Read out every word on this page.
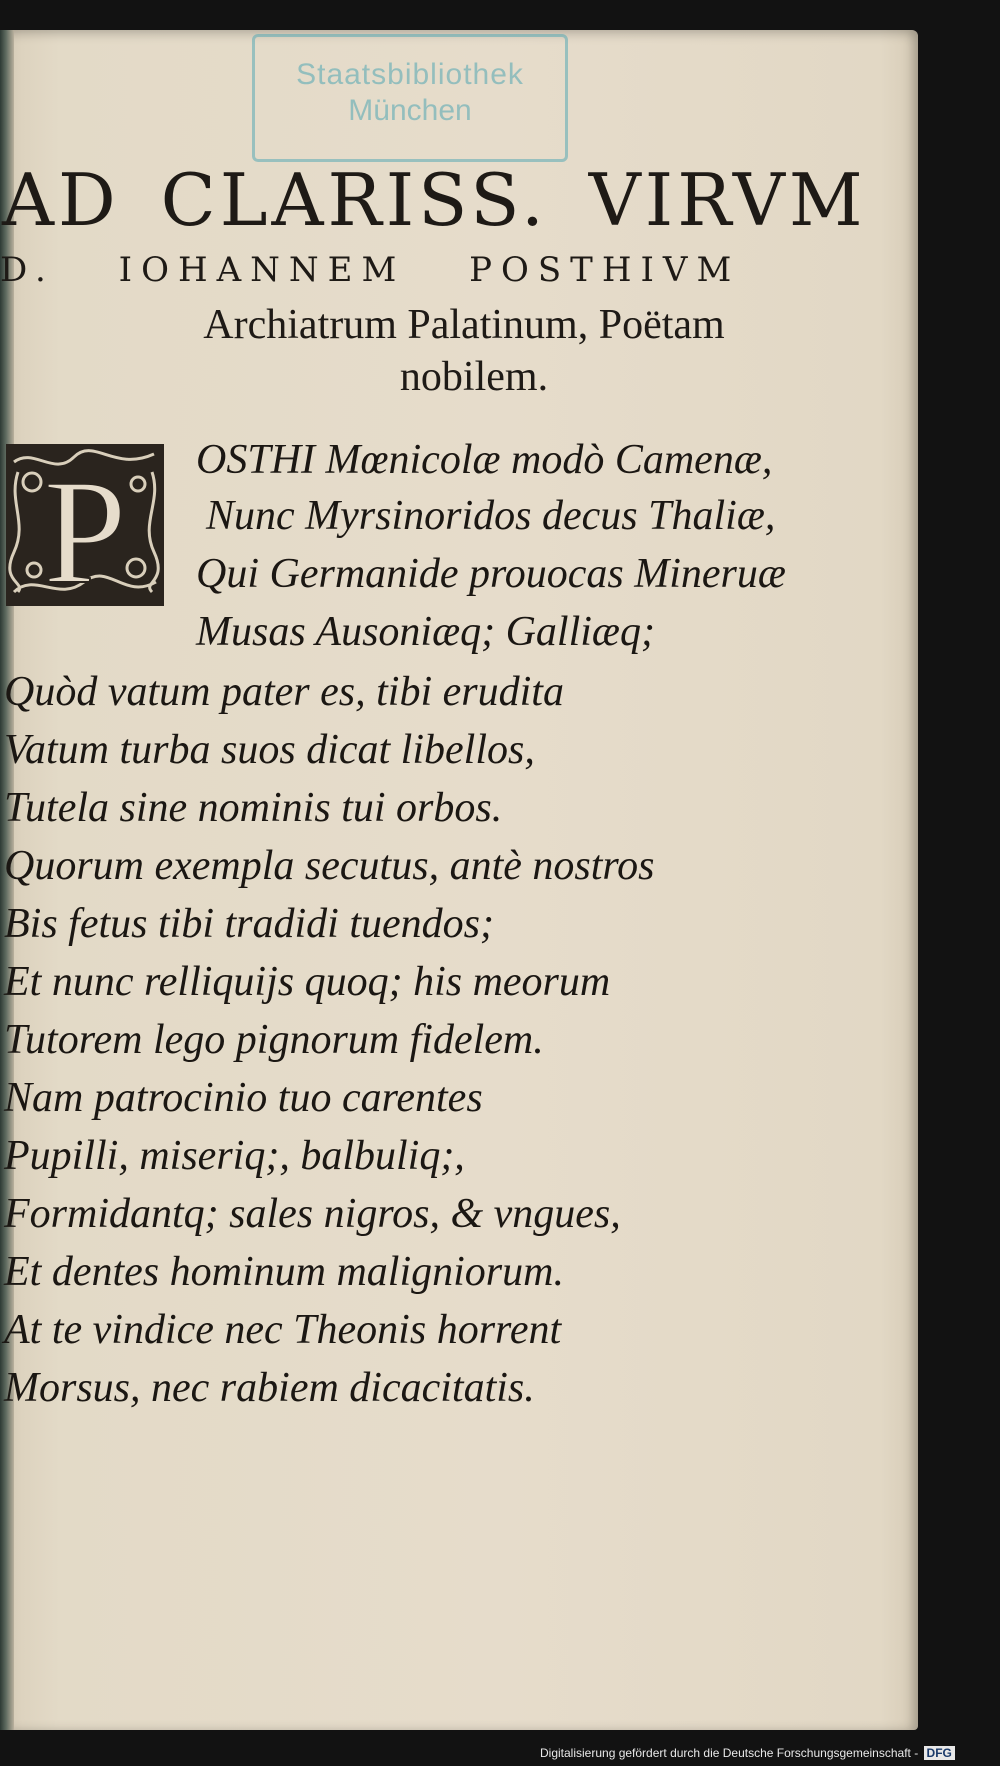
Staatsbibliothek
München
AD CLARISS. VIRVM
D. IOHANNEM POSTHIVM
Archiatrum Palatinum, Poëtam
nobilem.
P OSTHI Mœnicolæ modò Camenæ,
Nunc Myrsinoridos decus Thaliæ,
Qui Germanide prouocas Mineruæ
Musas Ausoniæq; Galliæq;
Quòd vatum pater es, tibi erudita
Vatum turba suos dicat libellos,
Tutela sine nominis tui orbos.
Quorum exempla secutus, antè nostros
Bis fetus tibi tradidi tuendos;
Et nunc relliquijs quoq; his meorum
Tutorem lego pignorum fidelem.
Nam patrocinio tuo carentes
Pupilli, miseriq;, balbuliq;,
Formidantq; sales nigros, & vngues,
Et dentes hominum maligniorum.
At te vindice nec Theonis horrent
Morsus, nec rabiem dicacitatis.
Digitalisierung gefördert durch die Deutsche Forschungsgemeinschaft - DFG
